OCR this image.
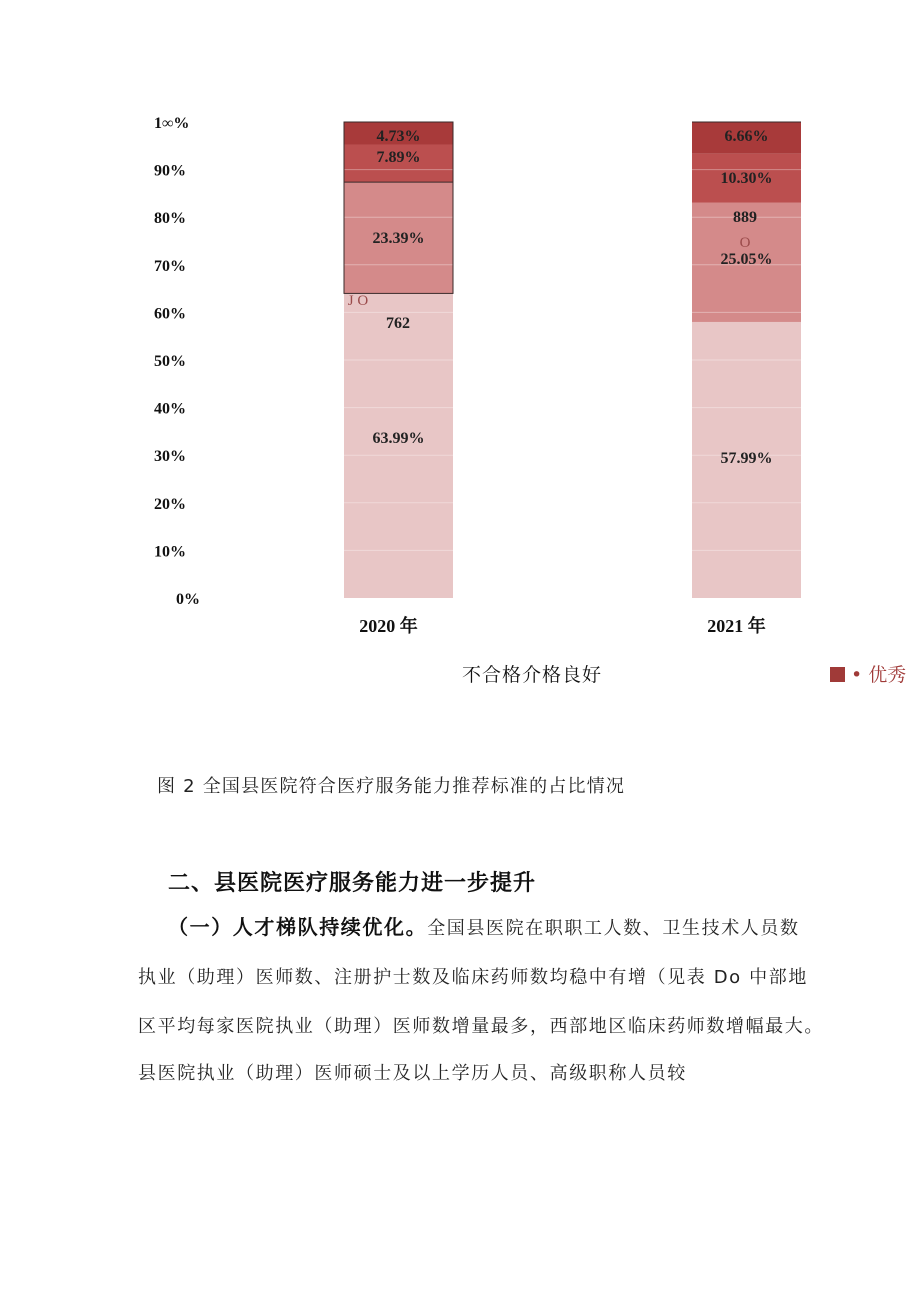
0%
10%
20%
30%
40%
50%
60%
70%
80%
90%
1∞%
2020 年	2021 年
63.99%
57.99%
23.39%
25.05%
7.89%
10.30%
4.73%	6.66%
J O
762
889
O
不合格介格良好	• 优秀
图 2 全国县医院符合医疗服务能力推荐标准的占比情况
二、县医院医疗服务能力进一步提升
（一）人才梯队持续优化。全国县医院在职职工人数、卫生技术人员数
执业（助理）医师数、注册护士数及临床药师数均稳中有增（见表 Do 中部地
区平均每家医院执业（助理）医师数增量最多，西部地区临床药师数增幅最大。
县医院执业（助理）医师硕士及以上学历人员、高级职称人员较
